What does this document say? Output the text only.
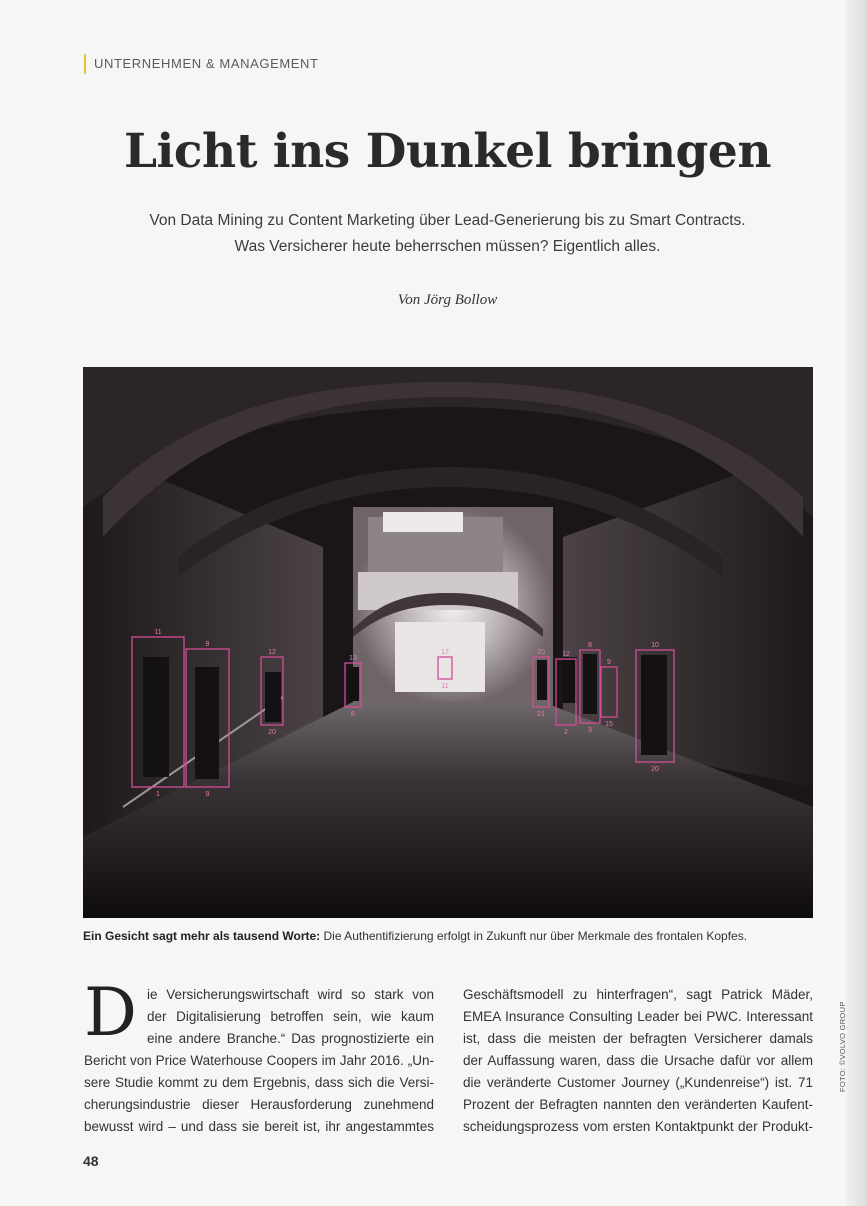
UNTERNEHMEN & MANAGEMENT
Licht ins Dunkel bringen
Von Data Mining zu Content Marketing über Lead-Generierung bis zu Smart Contracts.
Was Versicherer heute beherrschen müssen? Eigentlich alles.
Von Jörg Bollow
11
1
9
9
12
20
13
6
12
2
8
3
10
20
20
21
9
15
17
11
Ein Gesicht sagt mehr als tausend Worte: Die Authentifizierung erfolgt in Zukunft nur über Merkmale des frontalen Kopfes.
D ie Versicherungswirtschaft wird so stark von
der Digitalisierung betroffen sein, wie kaum
eine andere Branche.“ Das prognostizierte ein
Bericht von Price Waterhouse Coopers im Jahr 2016. „Un-
sere Studie kommt zu dem Ergebnis, dass sich die Versi-
cherungsindustrie dieser Herausforderung zunehmend
bewusst wird – und dass sie bereit ist, ihr angestammtes
Geschäftsmodell zu hinterfragen“, sagt Patrick Mäder,
EMEA Insurance Consulting Leader bei PWC. Interessant
ist, dass die meisten der befragten Versicherer damals
der Auffassung waren, dass die Ursache dafür vor allem
die veränderte Customer Journey („Kundenreise“) ist. 71
Prozent der Befragten nannten den veränderten Kaufent-
scheidungsprozess vom ersten Kontaktpunkt der Produkt-
48
FOTO: ©VOLVO GROUP
